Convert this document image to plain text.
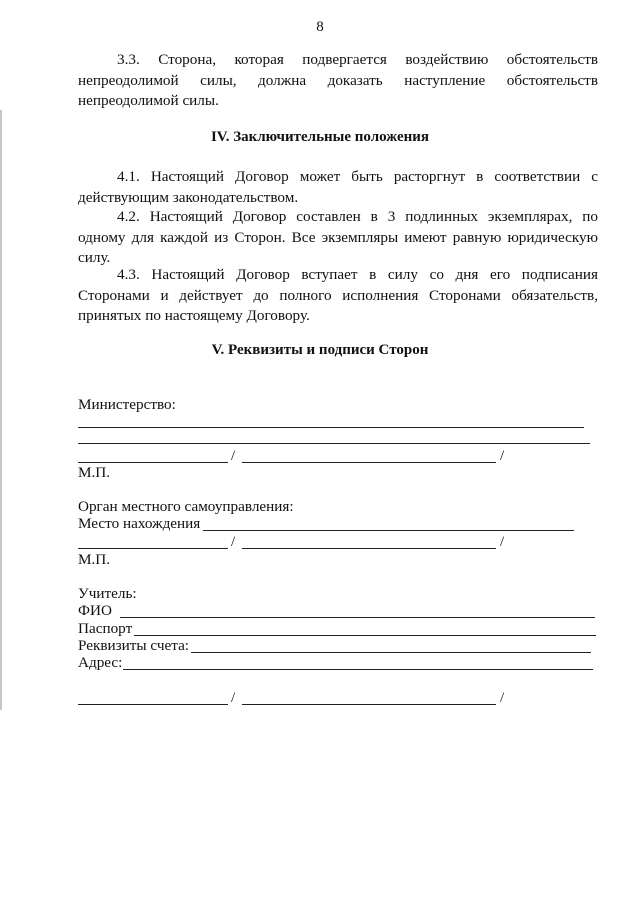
8

3.3. Сторона, которая подвергается воздействию обстоятельств непреодолимой силы, должна доказать наступление обстоятельств непреодолимой силы.

IV. Заключительные положения

4.1. Настоящий Договор может быть расторгнут в соответствии с действующим законодательством.

4.2. Настоящий Договор составлен в 3 подлинных экземплярах, по одному для каждой из Сторон. Все экземпляры имеют равную юридическую силу.

4.3. Настоящий Договор вступает в силу со дня его подписания Сторонами и действует до полного исполнения Сторонами обязательств, принятых по настоящему Договору.

V. Реквизиты и подписи Сторон
Министерство:
/	/
М.П.
Орган местного самоуправления:
Место нахождения
/	/
М.П.
Учитель:
ФИО
Паспорт
Реквизиты счета:
Адрес:
/	/
